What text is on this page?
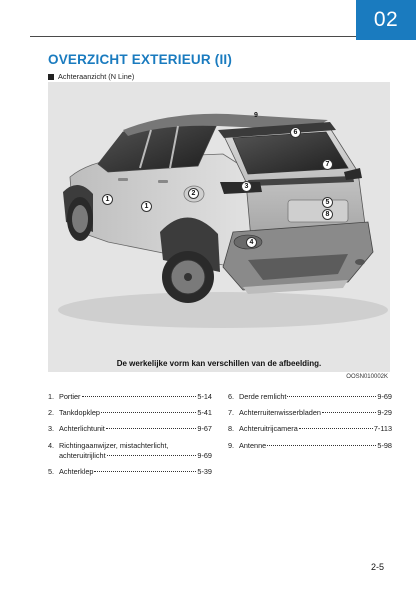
02
OVERZICHT EXTERIEUR (II)
Achteraanzicht (N Line)
1
1
2
3
4
5
6
7
8
9
De werkelijke vorm kan verschillen van de afbeelding.
OOSN010002K
1. Portier	5-14
2. Tankdopklep	5-41
3. Achterlichtunit	9-67
4. Richtingaanwijzer, mistachterlicht,
achteruitrijlicht	9-69
5. Achterklep	5-39
6. Derde remlicht	9-69
7. Achterruitenwisserbladen	9-29
8. Achteruitrijcamera	7-113
9. Antenne	5-98
2-5
